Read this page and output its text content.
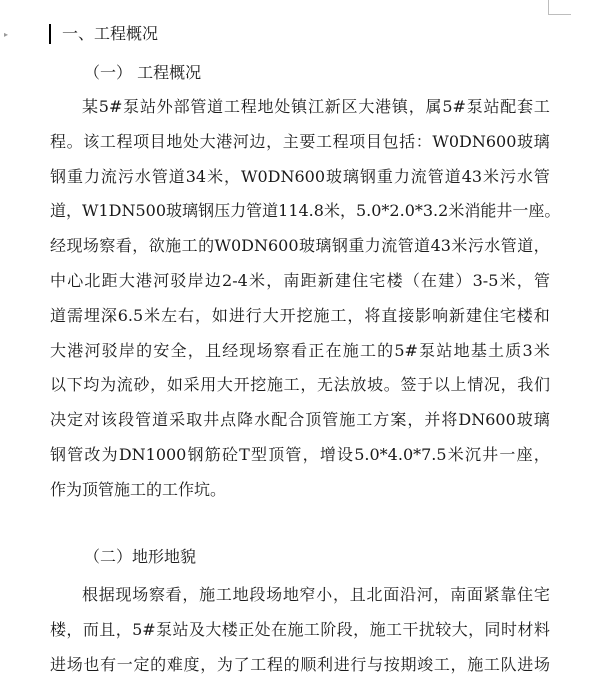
▸	一、工程概况
（一） 工程概况
某 5# 泵 站 外 部 管 道 工 程 地 处 镇 江 新 区 大 港 镇 ， 属 5# 泵 站 配 套 工
程 。 该 工 程 项 目 地 处 大 港 河 边 ， 主 要 工 程 项 目 包 括 ： W0DN600 玻 璃
钢 重 力 流 污 水 管 道 34 米 ， W0DN600 玻 璃 钢 重 力 流 管 道 43 米 污 水 管
道 ， W1DN500 玻 璃 钢 压 力 管 道 114.8 米 ， 5.0*2.0*3.2 米 消 能 井 一 座 。
经 现 场 察 看 ， 欲 施 工 的 W0DN600 玻 璃 钢 重 力 流 管 道 43 米 污 水 管 道 ，
中 心 北 距 大 港 河 驳 岸 边 2-4 米 ， 南 距 新 建 住 宅 楼 （ 在 建 ） 3-5 米 ， 管
道 需 埋 深 6.5 米 左 右 ， 如 进 行 大 开 挖 施 工 ， 将 直 接 影 响 新 建 住 宅 楼 和
大 港 河 驳 岸 的 安 全 ， 且 经 现 场 察 看 正 在 施 工 的 5# 泵 站 地 基 土 质 3 米
以 下 均 为 流 砂 ， 如 采 用 大 开 挖 施 工 ， 无 法 放 坡 。 签 于 以 上 情 况 ， 我 们
决 定 对 该 段 管 道 采 取 井 点 降 水 配 合 顶 管 施 工 方 案 ， 并 将 DN600 玻 璃
钢 管 改 为 DN1000 钢 筋 砼 T 型 顶 管 ， 增 设 5.0*4.0*7.5 米 沉 井 一 座 ，
作为顶管施工的工作坑。
（二）地形地貌
根 据 现 场 察 看 ， 施 工 地 段 场 地 窄 小 ， 且 北 面 沿 河 ， 南 面 紧 靠 住 宅
楼 ， 而 且 ， 5# 泵 站 及 大 楼 正 处 在 施 工 阶 段 ， 施 工 干 扰 较 大 ， 同 时 材 料
进 场 也 有 一 定 的 难 度 ， 为 了 工 程 的 顺 利 进 行 与 按 期 竣 工 ， 施 工 队 进 场
